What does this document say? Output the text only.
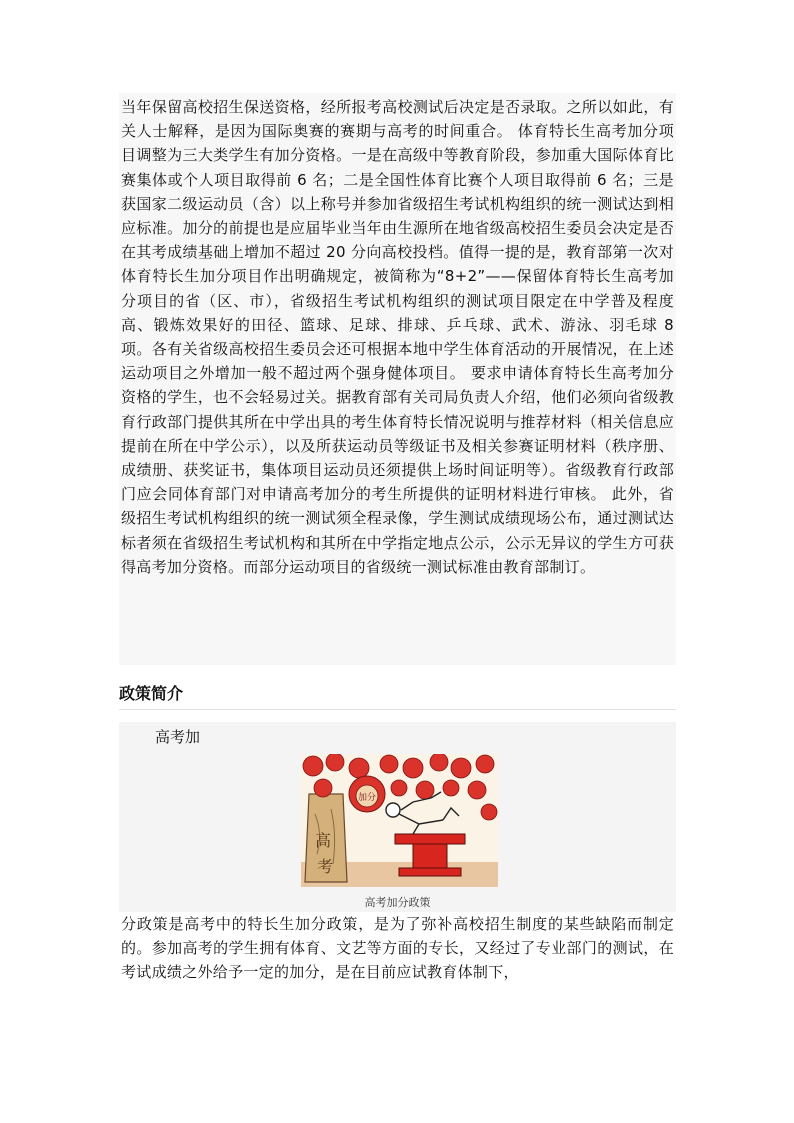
当年保留高校招生保送资格，经所报考高校测试后决定是否录取。之所以如此，有关人士解释，是因为国际奥赛的赛期与高考的时间重合。 体育特长生高考加分项目调整为三大类学生有加分资格。一是在高级中等教育阶段，参加重大国际体育比赛集体或个人项目取得前 6 名；二是全国性体育比赛个人项目取得前 6 名；三是获国家二级运动员（含）以上称号并参加省级招生考试机构组织的统一测试达到相应标准。加分的前提也是应届毕业当年由生源所在地省级高校招生委员会决定是否在其考成绩基础上增加不超过 20 分向高校投档。值得一提的是，教育部第一次对体育特长生加分项目作出明确规定，被简称为“8+2”——保留体育特长生高考加分项目的省（区、市），省级招生考试机构组织的测试项目限定在中学普及程度高、锻炼效果好的田径、篮球、足球、排球、乒乓球、武术、游泳、羽毛球 8 项。各有关省级高校招生委员会还可根据本地中学生体育活动的开展情况，在上述运动项目之外增加一般不超过两个强身健体项目。 要求申请体育特长生高考加分资格的学生，也不会轻易过关。据教育部有关司局负责人介绍，他们必须向省级教育行政部门提供其所在中学出具的考生体育特长情况说明与推荐材料（相关信息应提前在所在中学公示），以及所获运动员等级证书及相关参赛证明材料（秩序册、成绩册、获奖证书，集体项目运动员还须提供上场时间证明等）。省级教育行政部门应会同体育部门对申请高考加分的考生所提供的证明材料进行审核。 此外，省级招生考试机构组织的统一测试须全程录像，学生测试成绩现场公布，通过测试达标者须在省级招生考试机构和其所在中学指定地点公示，公示无异议的学生方可获得高考加分资格。而部分运动项目的省级统一测试标准由教育部制订。
政策简介
高考加
高
考
加分
高考加分政策
分政策是高考中的特长生加分政策，是为了弥补高校招生制度的某些缺陷而制定的。参加高考的学生拥有体育、文艺等方面的专长，又经过了专业部门的测试，在考试成绩之外给予一定的加分，是在目前应试教育体制下，
